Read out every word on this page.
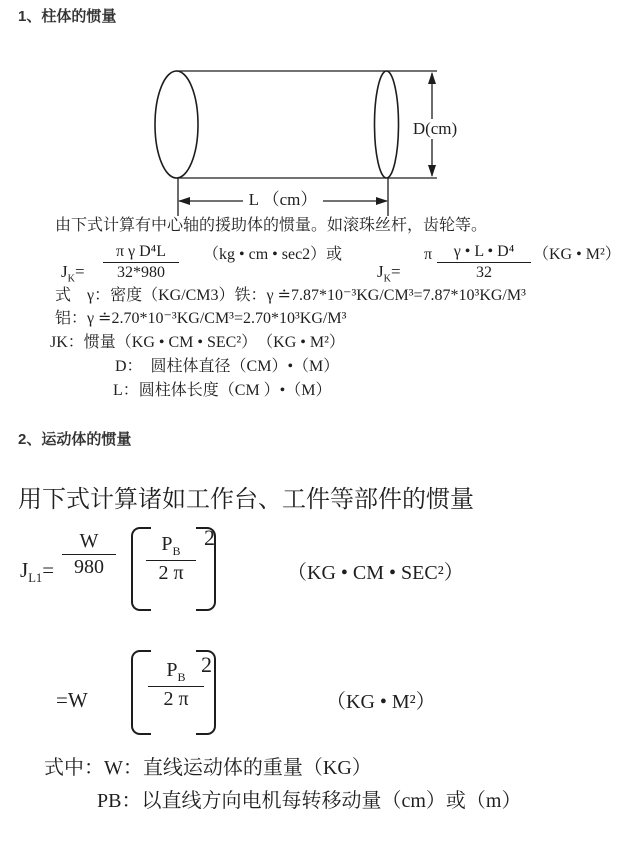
1、柱体的惯量
D(cm)
L （cm）
由下式计算有中心轴的援助体的惯量。如滚珠丝杆，齿轮等。
$J_K= \frac{\text{π γ D⁴L}}{32*980} (kg$ • cm • sec2）或
$J_K=$
π $\frac{\text{γ • L • D⁴}}{32} (KG$ • M²）
式　γ：密度（KG/CM3）铁：γ ≐7.87*10⁻³KG/CM³=7.87*10³KG/M³
铝：γ ≐2.70*10⁻³KG/CM³=2.70*10³KG/M³
JK：惯量（KG • CM • SEC²）　（KG • M²）
D：　圆柱体直径（CM）•（M）
L：圆柱体长度（CM ）•（M）
2、运动体的惯量
用下式计算诸如工作台、工件等部件的惯量
$J_{L1}= \frac{W}{980} \frac{P_B}{2 \pi} 2$
（KG • CM • SEC²）
=W	$\frac{P_B}{2 \pi}$
2
（KG • M²）
式中：W：直线运动体的重量（KG）
PB：以直线方向电机每转移动量（cm）或（m）
